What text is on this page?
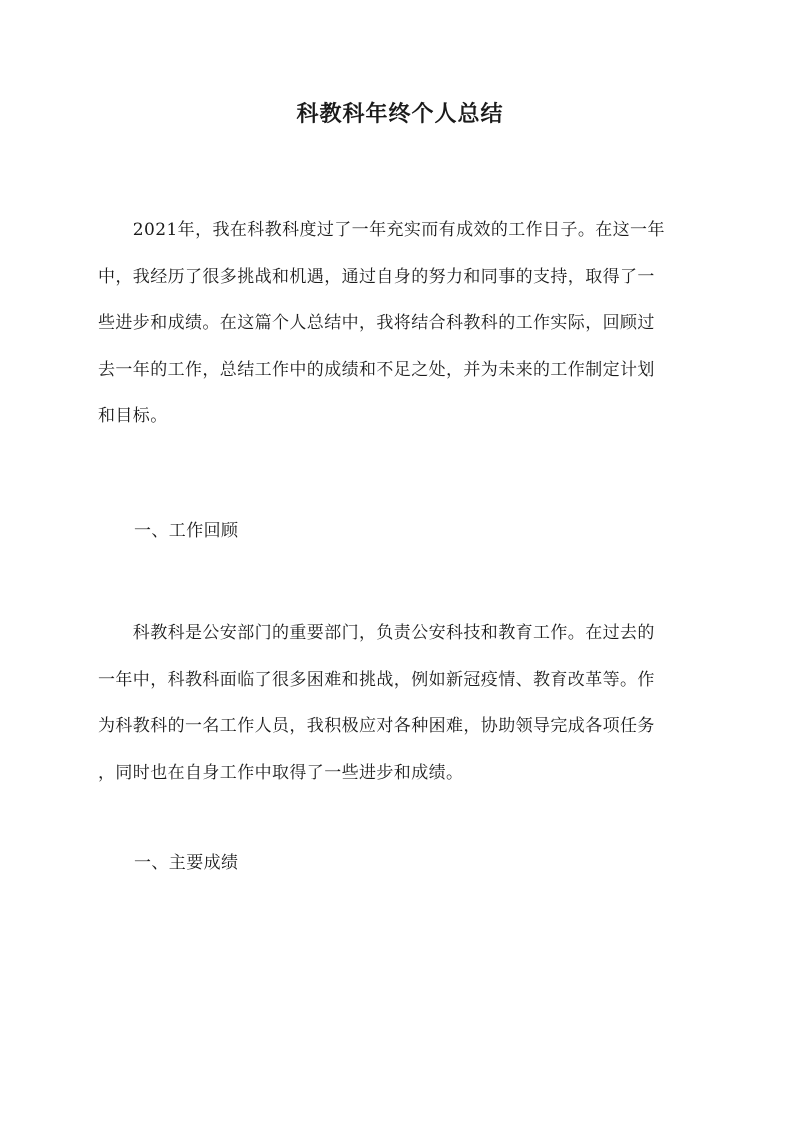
科教科年终个人总结
　　2021年，我在科教科度过了一年充实而有成效的工作日子。在这一年
中，我经历了很多挑战和机遇，通过自身的努力和同事的支持，取得了一
些进步和成绩。在这篇个人总结中，我将结合科教科的工作实际，回顾过
去一年的工作，总结工作中的成绩和不足之处，并为未来的工作制定计划
和目标。
一、工作回顾
　　科教科是公安部门的重要部门，负责公安科技和教育工作。在过去的
一年中，科教科面临了很多困难和挑战，例如新冠疫情、教育改革等。作
为科教科的一名工作人员，我积极应对各种困难，协助领导完成各项任务
，同时也在自身工作中取得了一些进步和成绩。
一、主要成绩
